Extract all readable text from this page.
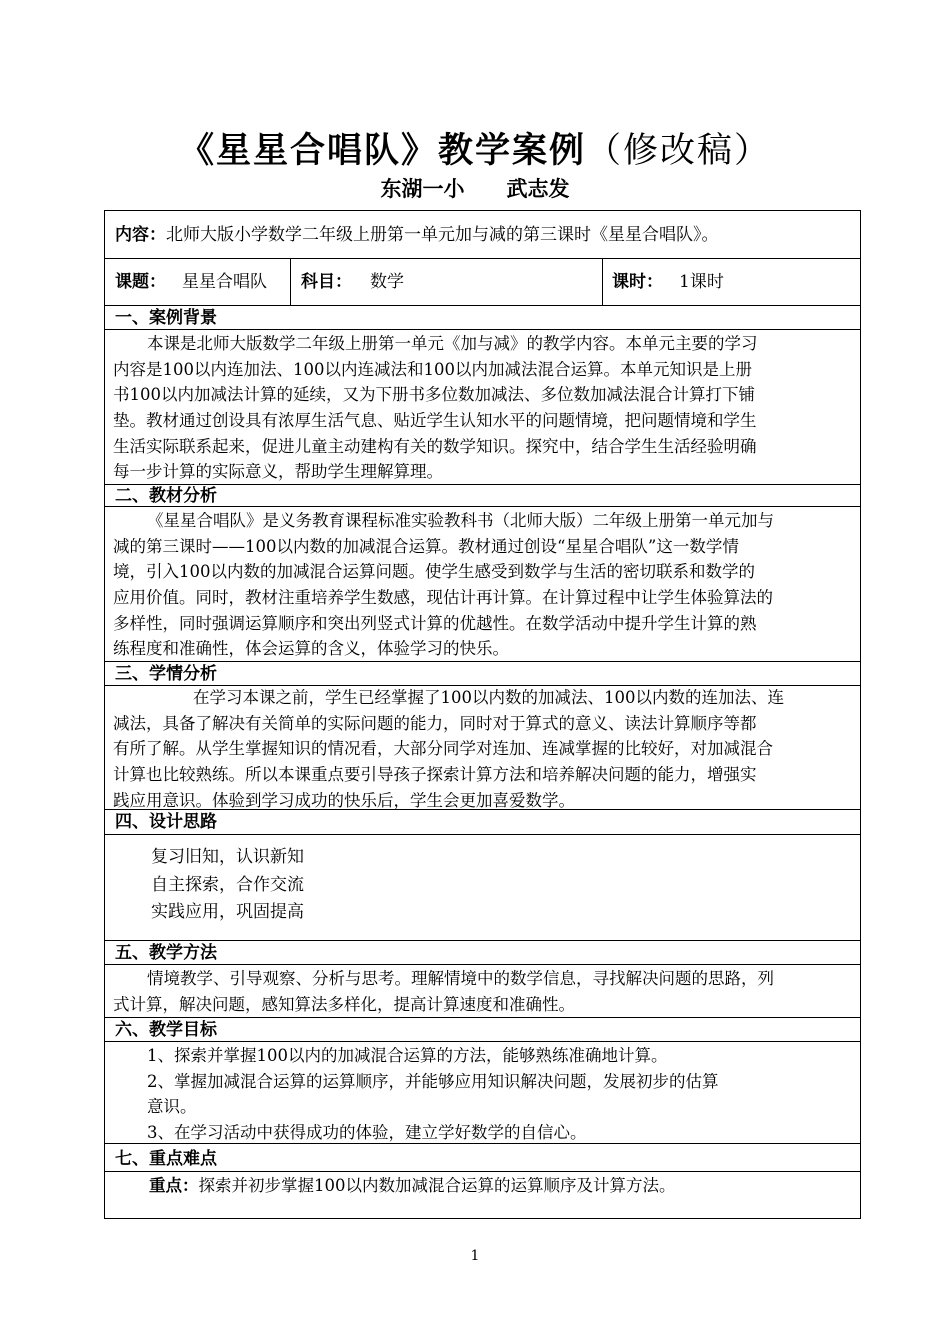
《星星合唱队》教学案例（修改稿）
东湖一小 武志发
内容：北师大版小学数学二年级上册第一单元加与减的第三课时《星星合唱队》。
课题： 星星合唱队 科目： 数学	课时： 1课时
一、案例背景
本课是北师大版数学二年级上册第一单元《加与减》的教学内容。本单元主要的学习
内容是100以内连加法、100以内连减法和100以内加减法混合运算。本单元知识是上册
书100以内加减法计算的延续，又为下册书多位数加减法、多位数加减法混合计算打下铺
垫。教材通过创设具有浓厚生活气息、贴近学生认知水平的问题情境，把问题情境和学生
生活实际联系起来，促进儿童主动建构有关的数学知识。探究中，结合学生生活经验明确
每一步计算的实际意义，帮助学生理解算理。
二、教材分析
《星星合唱队》是义务教育课程标准实验教科书（北师大版）二年级上册第一单元加与
减的第三课时——100以内数的加减混合运算。教材通过创设“星星合唱队”这一数学情
境，引入100以内数的加减混合运算问题。使学生感受到数学与生活的密切联系和数学的
应用价值。同时，教材注重培养学生数感，现估计再计算。在计算过程中让学生体验算法的
多样性，同时强调运算顺序和突出列竖式计算的优越性。在数学活动中提升学生计算的熟
练程度和准确性，体会运算的含义，体验学习的快乐。
三、学情分析
在学习本课之前，学生已经掌握了100以内数的加减法、100以内数的连加法、连
减法，具备了解决有关简单的实际问题的能力，同时对于算式的意义、读法计算顺序等都
有所了解。从学生掌握知识的情况看，大部分同学对连加、连减掌握的比较好，对加减混合
计算也比较熟练。所以本课重点要引导孩子探索计算方法和培养解决问题的能力，增强实
践应用意识。体验到学习成功的快乐后，学生会更加喜爱数学。
四、设计思路
复习旧知，认识新知
自主探索，合作交流
实践应用，巩固提高
五、教学方法
情境教学、引导观察、分析与思考。理解情境中的数学信息，寻找解决问题的思路，列
式计算，解决问题，感知算法多样化，提高计算速度和准确性。
六、教学目标
1、探索并掌握100以内的加减混合运算的方法，能够熟练准确地计算。
2、掌握加减混合运算的运算顺序，并能够应用知识解决问题，发展初步的估算
意识。
3、在学习活动中获得成功的体验，建立学好数学的自信心。
七、重点难点
重点：探索并初步掌握100以内数加减混合运算的运算顺序及计算方法。
1
